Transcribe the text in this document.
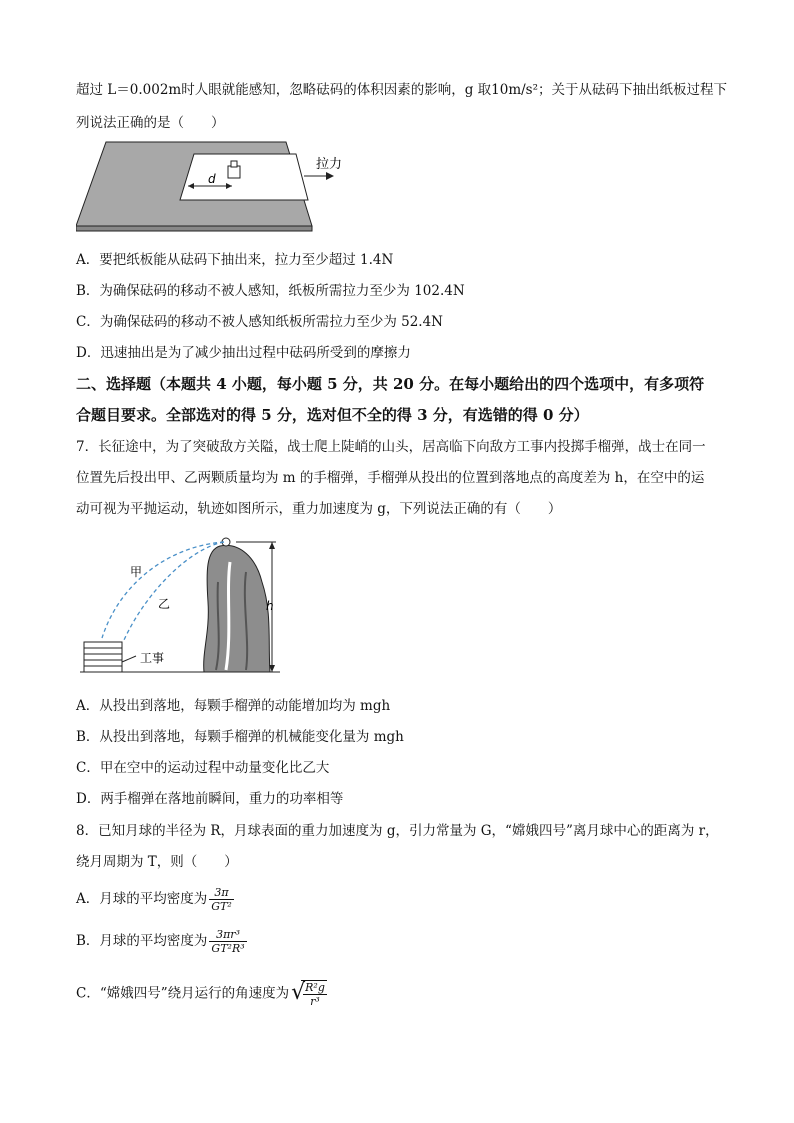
超过 L＝0.002m时人眼就能感知，忽略砝码的体积因素的影响，g 取10m/s²；关于从砝码下抽出纸板过程下
列说法正确的是（　　）
d
拉力
A．要把纸板能从砝码下抽出来，拉力至少超过 1.4N
B．为确保砝码的移动不被人感知，纸板所需拉力至少为 102.4N
C．为确保砝码的移动不被人感知纸板所需拉力至少为 52.4N
D．迅速抽出是为了减少抽出过程中砝码所受到的摩擦力
二、选择题（本题共 4 小题，每小题 5 分，共 20 分。在每小题给出的四个选项中，有多项符
合题目要求。全部选对的得 5 分，选对但不全的得 3 分，有选错的得 0 分）
7．长征途中，为了突破敌方关隘，战士爬上陡峭的山头，居高临下向敌方工事内投掷手榴弹，战士在同一
位置先后投出甲、乙两颗质量均为 m 的手榴弹，手榴弹从投出的位置到落地点的高度差为 h，在空中的运
动可视为平抛运动，轨迹如图所示，重力加速度为 g，下列说法正确的有（　　）
h
甲
乙
工事
A．从投出到落地，每颗手榴弹的动能增加均为 mgh
B．从投出到落地，每颗手榴弹的机械能变化量为 mgh
C．甲在空中的运动过程中动量变化比乙大
D．两手榴弹在落地前瞬间，重力的功率相等
8．已知月球的半径为 R，月球表面的重力加速度为 g，引力常量为 G，“嫦娥四号”离月球中心的距离为 r，
绕月周期为 T，则（　　）
A．月球的平均密度为 $\frac{3\pi}{\text{GT²}}$
B．月球的平均密度为 $\frac{\text{3πr³}}{\text{GT²R³}}$
C．“嫦娥四号”绕月运行的角速度为 √
$\frac{\text{R²g}}{\text{r³}}$
